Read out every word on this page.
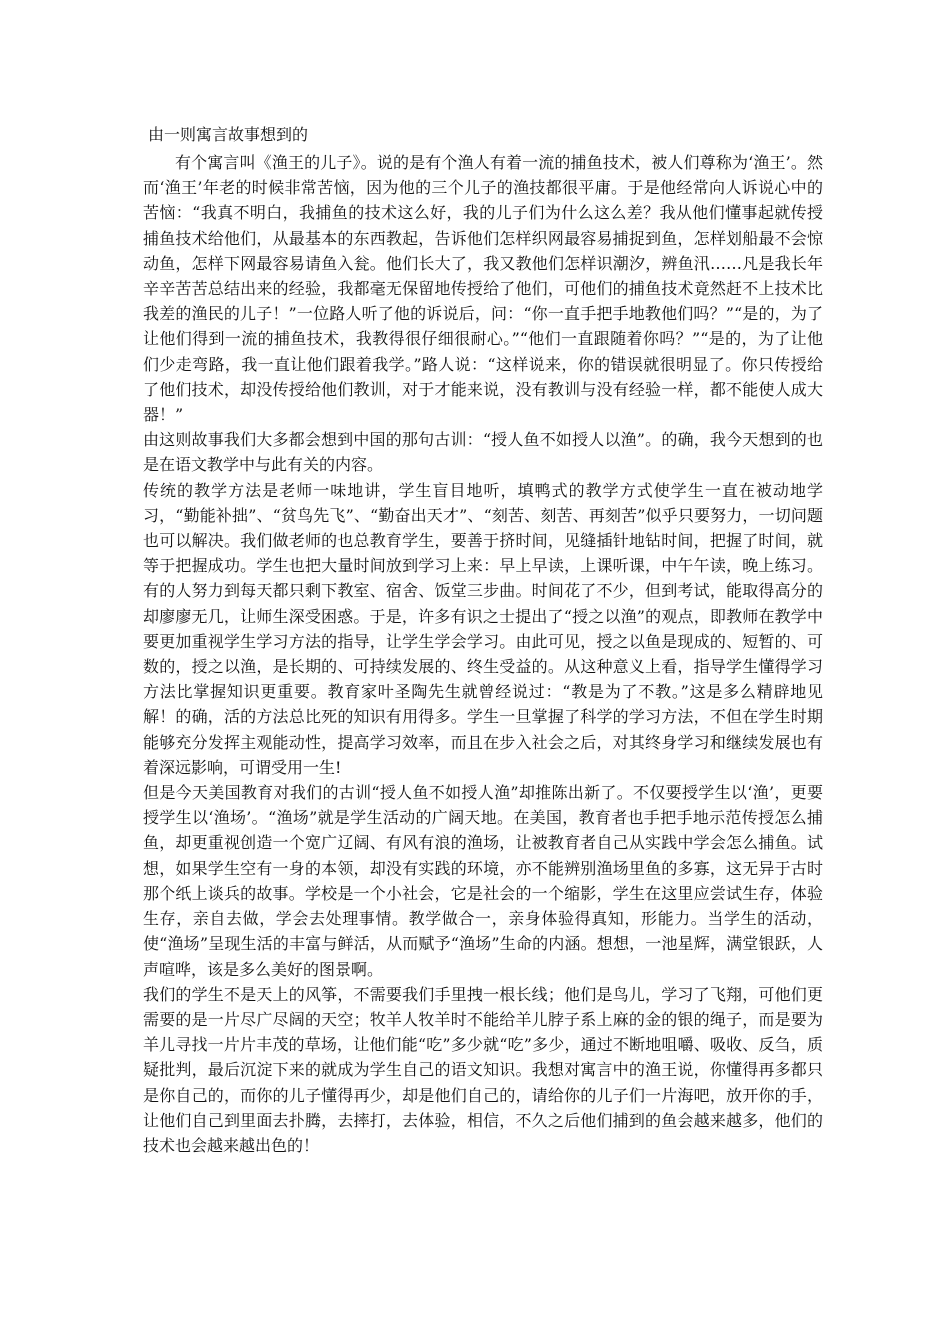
由一则寓言故事想到的

有个寓言叫《渔王的儿子》。说的是有个渔人有着一流的捕鱼技术，被人们尊称为‘渔王’。然而‘渔王’年老的时候非常苦恼，因为他的三个儿子的渔技都很平庸。于是他经常向人诉说心中的苦恼：“我真不明白，我捕鱼的技术这么好，我的儿子们为什么这么差？我从他们懂事起就传授捕鱼技术给他们，从最基本的东西教起，告诉他们怎样织网最容易捕捉到鱼，怎样划船最不会惊动鱼，怎样下网最容易请鱼入瓮。他们长大了，我又教他们怎样识潮汐，辨鱼汛……凡是我长年辛辛苦苦总结出来的经验，我都毫无保留地传授给了他们，可他们的捕鱼技术竟然赶不上技术比我差的渔民的儿子！”一位路人听了他的诉说后，问：“你一直手把手地教他们吗？”“是的，为了让他们得到一流的捕鱼技术，我教得很仔细很耐心。”“他们一直跟随着你吗？”“是的，为了让他们少走弯路，我一直让他们跟着我学。”路人说：“这样说来，你的错误就很明显了。你只传授给了他们技术，却没传授给他们教训，对于才能来说，没有教训与没有经验一样，都不能使人成大器！”

由这则故事我们大多都会想到中国的那句古训：“授人鱼不如授人以渔”。的确，我今天想到的也是在语文教学中与此有关的内容。

传统的教学方法是老师一味地讲，学生盲目地听，填鸭式的教学方式使学生一直在被动地学习，“勤能补拙”、“贫鸟先飞”、“勤奋出天才”、“刻苦、刻苦、再刻苦”似乎只要努力，一切问题也可以解决。我们做老师的也总教育学生，要善于挤时间，见缝插针地钻时间，把握了时间，就等于把握成功。学生也把大量时间放到学习上来：早上早读，上课听课，中午午读，晚上练习。有的人努力到每天都只剩下教室、宿舍、饭堂三步曲。时间花了不少，但到考试，能取得高分的却廖廖无几，让师生深受困惑。于是，许多有识之士提出了“授之以渔”的观点，即教师在教学中要更加重视学生学习方法的指导，让学生学会学习。由此可见，授之以鱼是现成的、短暂的、可数的，授之以渔，是长期的、可持续发展的、终生受益的。从这种意义上看，指导学生懂得学习方法比掌握知识更重要。教育家叶圣陶先生就曾经说过：“教是为了不教。”这是多么精辟地见解！的确，活的方法总比死的知识有用得多。学生一旦掌握了科学的学习方法，不但在学生时期能够充分发挥主观能动性，提高学习效率，而且在步入社会之后，对其终身学习和继续发展也有着深远影响，可谓受用一生!

但是今天美国教育对我们的古训“授人鱼不如授人渔”却推陈出新了。不仅要授学生以‘渔’，更要授学生以‘渔场’。“渔场”就是学生活动的广阔天地。在美国，教育者也手把手地示范传授怎么捕鱼，却更重视创造一个宽广辽阔、有风有浪的渔场，让被教育者自己从实践中学会怎么捕鱼。试想，如果学生空有一身的本领，却没有实践的环境，亦不能辨别渔场里鱼的多寡，这无异于古时那个纸上谈兵的故事。学校是一个小社会，它是社会的一个缩影，学生在这里应尝试生存，体验生存，亲自去做，学会去处理事情。教学做合一，亲身体验得真知，形能力。当学生的活动，使“渔场”呈现生活的丰富与鲜活，从而赋予“渔场”生命的内涵。想想，一池星辉，满堂银跃，人声喧哗，该是多么美好的图景啊。

我们的学生不是天上的风筝，不需要我们手里拽一根长线；他们是鸟儿，学习了飞翔，可他们更需要的是一片尽广尽阔的天空；牧羊人牧羊时不能给羊儿脖子系上麻的金的银的绳子，而是要为羊儿寻找一片片丰茂的草场，让他们能“吃”多少就“吃”多少，通过不断地咀嚼、吸收、反刍，质疑批判，最后沉淀下来的就成为学生自己的语文知识。我想对寓言中的渔王说，你懂得再多都只是你自己的，而你的儿子懂得再少，却是他们自己的，请给你的儿子们一片海吧，放开你的手，让他们自己到里面去扑腾，去摔打，去体验，相信，不久之后他们捕到的鱼会越来越多，他们的技术也会越来越出色的！
